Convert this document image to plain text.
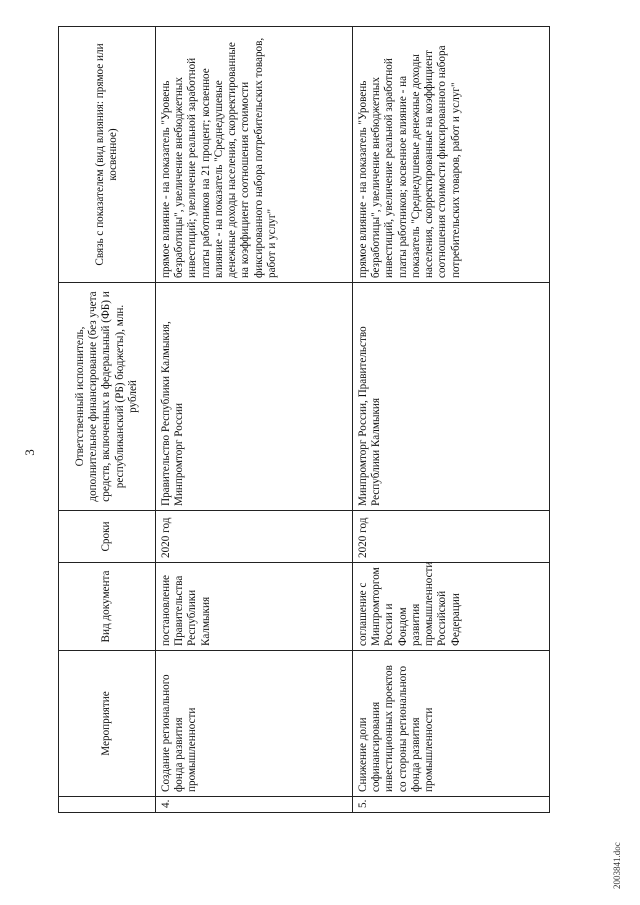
3
	Мероприятие	Вид документа	Сроки	Ответственный исполнитель, дополнительное финансирование (без учета средств, включенных в федеральный (ФБ) и республиканский (РБ) бюджеты), млн. рублей	Связь с показателем (вид влияния: прямое или косвенное)
4.	Создание регионального фонда развития промышленности	постановление Правительства Республики Калмыкия	2020 год	Правительство Республики Калмыкия, Минпромторг России	прямое влияние - на показатель "Уровень безработицы", увеличение внебюджетных инвестиций; увеличение реальной заработной платы работников на 21 процент; косвенное влияние - на показатель "Среднедушевые денежные доходы населения, скорректированные на коэффициент соотношения стоимости фиксированного набора потребительских товаров, работ и услуг"
5.	Снижение доли софинансирования инвестиционных проектов со стороны регионального фонда развития промышленности	соглашение с Минпромторгом России и Фондом развития промышленности Российской Федерации	2020 год	Минпромторг России, Правительство Республики Калмыкия	прямое влияние - на показатель "Уровень безработицы", увеличение внебюджетных инвестиций, увеличение реальной заработной платы работников; косвенное влияние - на показатель "Среднедушевые денежные доходы населения, скорректированные на коэффициент соотношения стоимости фиксированного набора потребительских товаров, работ и услуг"
2003841.doc
